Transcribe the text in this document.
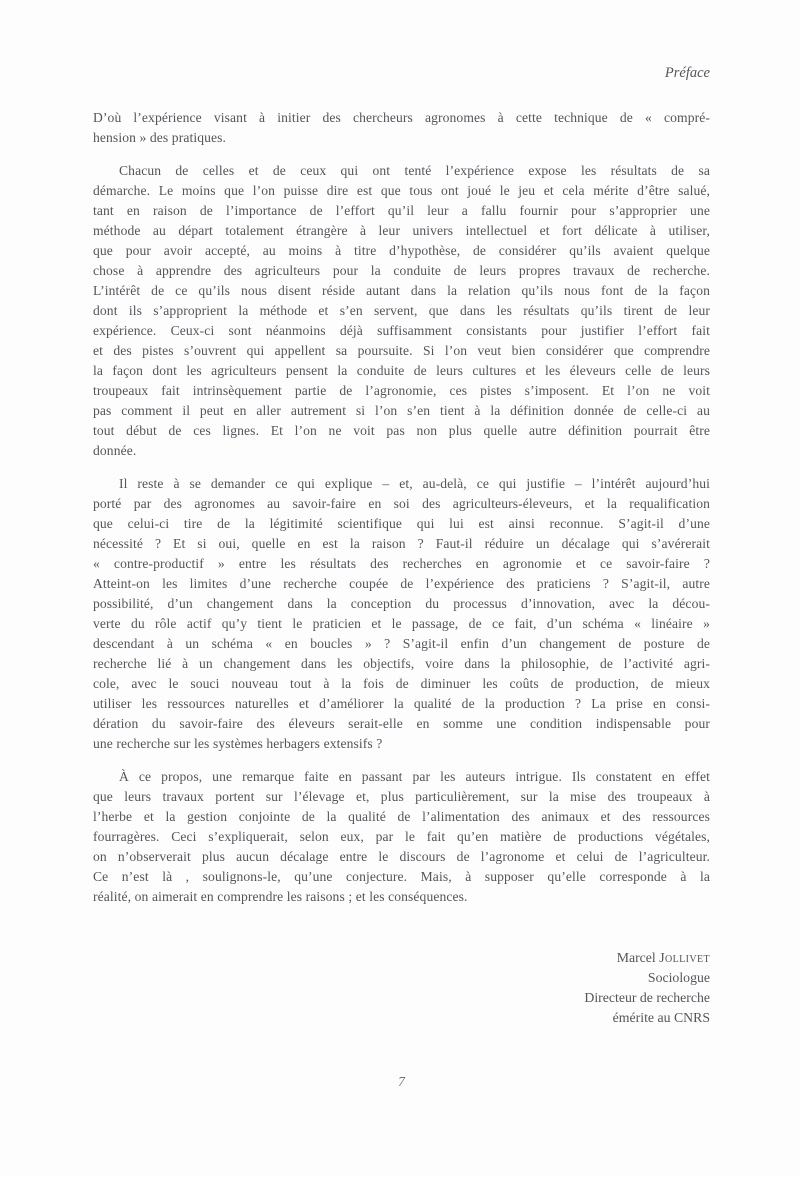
Préface
D’où l’expérience visant à initier des chercheurs agronomes à cette technique de « compré-
hension » des pratiques.
Chacun de celles et de ceux qui ont tenté l’expérience expose les résultats de sa
démarche. Le moins que l’on puisse dire est que tous ont joué le jeu et cela mérite d’être salué,
tant en raison de l’importance de l’effort qu’il leur a fallu fournir pour s’approprier une
méthode au départ totalement étrangère à leur univers intellectuel et fort délicate à utiliser,
que pour avoir accepté, au moins à titre d’hypothèse, de considérer qu’ils avaient quelque
chose à apprendre des agriculteurs pour la conduite de leurs propres travaux de recherche.
L’intérêt de ce qu’ils nous disent réside autant dans la relation qu’ils nous font de la façon
dont ils s’approprient la méthode et s’en servent, que dans les résultats qu’ils tirent de leur
expérience. Ceux-ci sont néanmoins déjà suffisamment consistants pour justifier l’effort fait
et des pistes s’ouvrent qui appellent sa poursuite. Si l’on veut bien considérer que comprendre
la façon dont les agriculteurs pensent la conduite de leurs cultures et les éleveurs celle de leurs
troupeaux fait intrinsèquement partie de l’agronomie, ces pistes s’imposent. Et l’on ne voit
pas comment il peut en aller autrement si l’on s’en tient à la définition donnée de celle-ci au
tout début de ces lignes. Et l’on ne voit pas non plus quelle autre définition pourrait être
donnée.
Il reste à se demander ce qui explique – et, au-delà, ce qui justifie – l’intérêt aujourd’hui
porté par des agronomes au savoir-faire en soi des agriculteurs-éleveurs, et la requalification
que celui-ci tire de la légitimité scientifique qui lui est ainsi reconnue. S’agit-il d’une
nécessité ? Et si oui, quelle en est la raison ? Faut-il réduire un décalage qui s’avérerait
« contre-productif » entre les résultats des recherches en agronomie et ce savoir-faire ?
Atteint-on les limites d’une recherche coupée de l’expérience des praticiens ? S’agit-il, autre
possibilité, d’un changement dans la conception du processus d’innovation, avec la décou-
verte du rôle actif qu’y tient le praticien et le passage, de ce fait, d’un schéma « linéaire »
descendant à un schéma « en boucles » ? S’agit-il enfin d’un changement de posture de
recherche lié à un changement dans les objectifs, voire dans la philosophie, de l’activité agri-
cole, avec le souci nouveau tout à la fois de diminuer les coûts de production, de mieux
utiliser les ressources naturelles et d’améliorer la qualité de la production ? La prise en consi-
dération du savoir-faire des éleveurs serait-elle en somme une condition indispensable pour
une recherche sur les systèmes herbagers extensifs ?
À ce propos, une remarque faite en passant par les auteurs intrigue. Ils constatent en effet
que leurs travaux portent sur l’élevage et, plus particulièrement, sur la mise des troupeaux à
l’herbe et la gestion conjointe de la qualité de l’alimentation des animaux et des ressources
fourragères. Ceci s’expliquerait, selon eux, par le fait qu’en matière de productions végétales,
on n’observerait plus aucun décalage entre le discours de l’agronome et celui de l’agriculteur.
Ce n’est là , soulignons-le, qu’une conjecture. Mais, à supposer qu’elle corresponde à la
réalité, on aimerait en comprendre les raisons ; et les conséquences.
Marcel Jollivet
Sociologue
Directeur de recherche
émérite au CNRS
7
